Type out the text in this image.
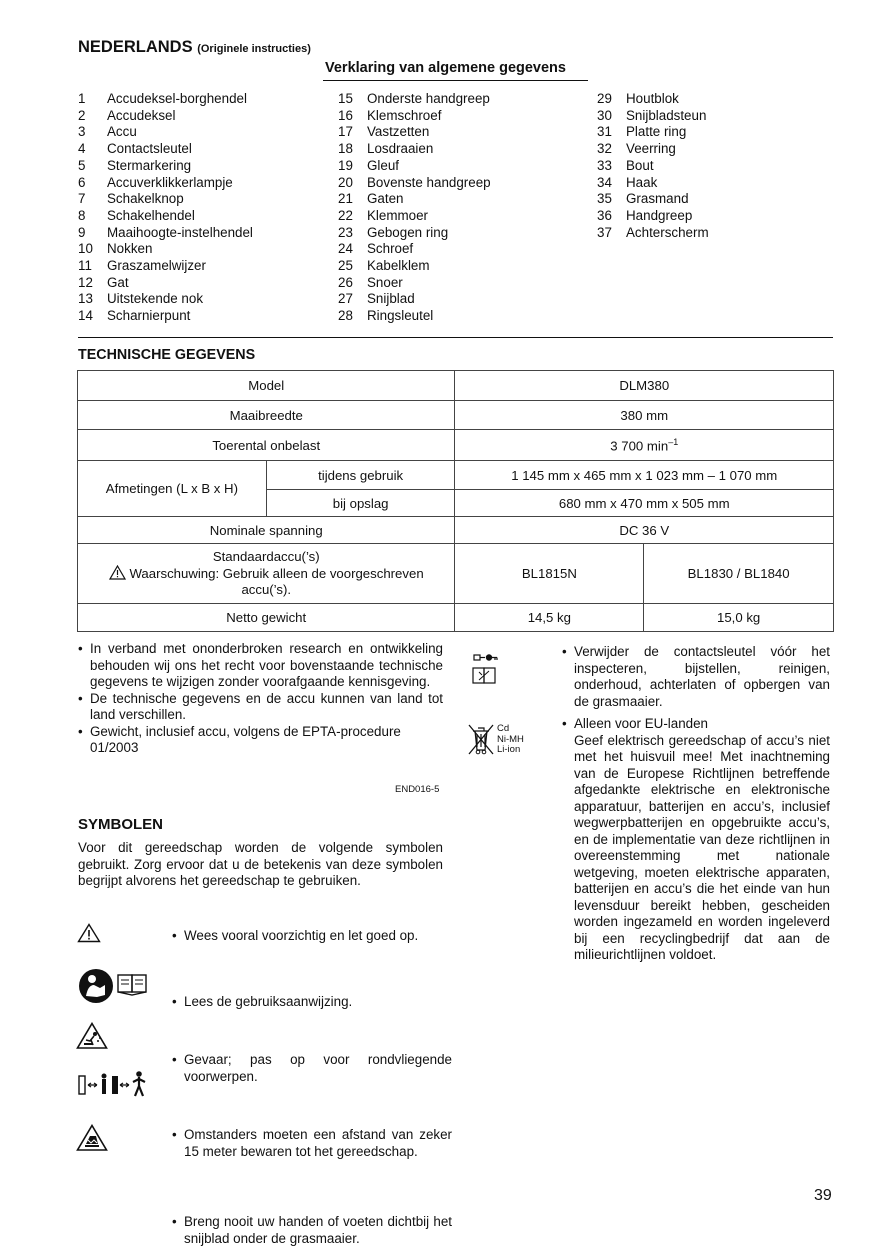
NEDERLANDS (Originele instructies)
Verklaring van algemene gegevens
1	Accudeksel-borghendel
2	Accudeksel
3	Accu
4	Contactsleutel
5	Stermarkering
6	Accuverklikkerlampje
7	Schakelknop
8	Schakelhendel
9	Maaihoogte-instelhendel
10	Nokken
11	Graszamelwijzer
12	Gat
13	Uitstekende nok
14	Scharnierpunt
15	Onderste handgreep
16	Klemschroef
17	Vastzetten
18	Losdraaien
19	Gleuf
20	Bovenste handgreep
21	Gaten
22	Klemmoer
23	Gebogen ring
24	Schroef
25	Kabelklem
26	Snoer
27	Snijblad
28	Ringsleutel
29	Houtblok
30	Snijbladsteun
31	Platte ring
32	Veerring
33	Bout
34	Haak
35	Grasmand
36	Handgreep
37	Achterscherm
TECHNISCHE GEGEVENS
Model		DLM380	
Maaibreedte		380 mm	
Toerental onbelast		3 700 $\min^{-1}$
Afmetingen (L x B x H)	tijdens gebruik	1 145 mm x 465 mm x 1 023 mm – 1 070 mm	
	bij opslag	680 mm x 470 mm x 505 mm	
Nominale spanning		DC 36 V	

Standaardaccu(’s)
Waarschuwing: Gebruik alleen de voorgeschreven
accu(’s).		BL1815N	BL1830 / BL1840
Netto gewicht		14,5 kg	15,0 kg
• In verband met ononderbroken research en ontwikkeling behouden wij ons het recht voor bovenstaande technische gegevens te wijzigen zonder voorafgaande kennisgeving.
• De technische gegevens en de accu kunnen van land tot land verschillen.
• Gewicht, inclusief accu, volgens de EPTA-procedure 01/2003
END016-5
SYMBOLEN
Voor dit gereedschap worden de volgende symbolen gebruikt. Zorg ervoor dat u de betekenis van deze symbolen begrijpt alvorens het gereedschap te gebruiken.
• Wees vooral voorzichtig en let goed op.
• Lees de gebruiksaanwijzing.
• Gevaar; pas op voor rondvliegende voorwerpen.
• Omstanders moeten een afstand van zeker 15 meter bewaren tot het gereedschap.
• Breng nooit uw handen of voeten dichtbij het snijblad onder de grasmaaier.
Cd
Ni-MH
Li-ion
• Verwijder de contactsleutel vóór het inspecteren, bijstellen, reinigen, onderhoud, achterlaten of opbergen van de grasmaaier.
• Alleen voor EU-landen
Geef elektrisch gereedschap of accu’s niet met het huisvuil mee! Met inachtneming van de Europese Richtlijnen betreffende afgedankte elektrische en elektronische apparatuur, batterijen en accu’s, inclusief wegwerpbatterijen en opgebruikte accu’s, en de implementatie van deze richtlijnen in overeenstemming met nationale wetgeving, moeten elektrische apparaten, batterijen en accu’s die het einde van hun levensduur bereikt hebben, gescheiden worden ingezameld en worden ingeleverd bij een recyclingbedrijf dat aan de milieurichtlijnen voldoet.
39
